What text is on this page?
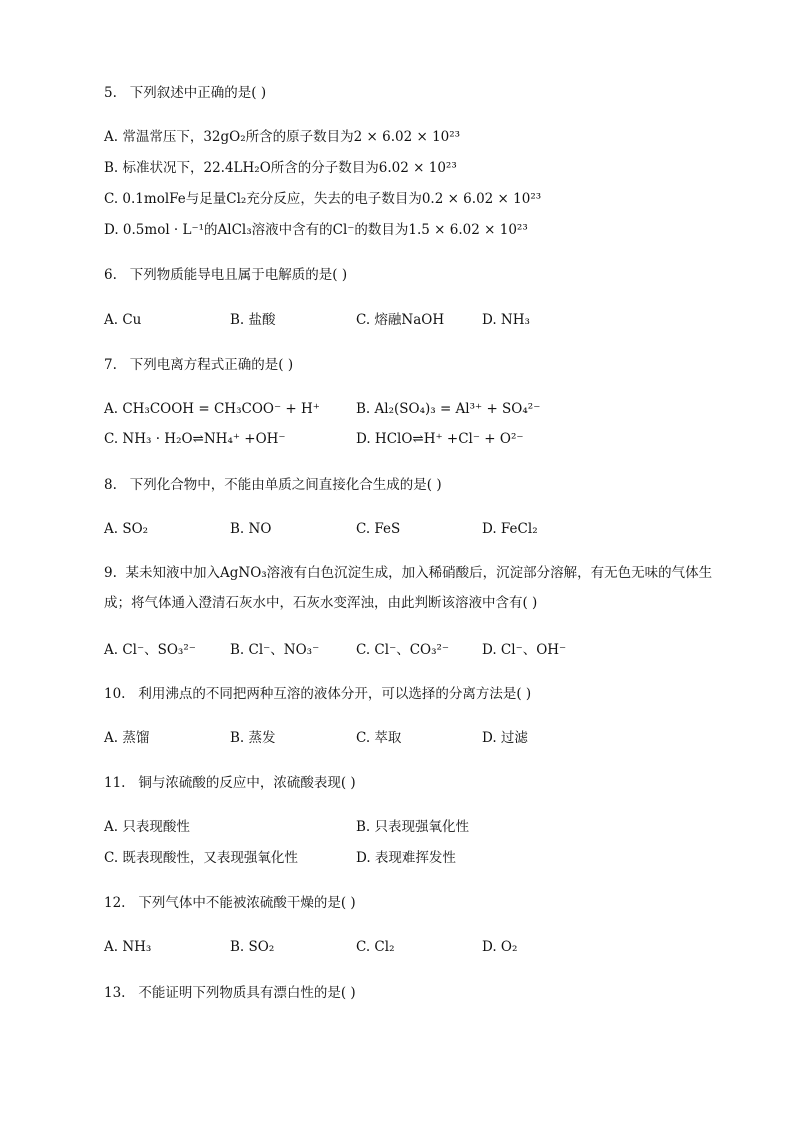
5. 下列叙述中正确的是( )
A. 常温常压下，32gO₂所含的原子数目为2 × 6.02 × 10²³
B. 标准状况下，22.4LH₂O所含的分子数目为6.02 × 10²³
C. 0.1molFe与足量Cl₂充分反应，失去的电子数目为0.2 × 6.02 × 10²³
D. 0.5mol · L⁻¹的AlCl₃溶液中含有的Cl⁻的数目为1.5 × 6.02 × 10²³
6. 下列物质能导电且属于电解质的是( )
A. Cu	B. 盐酸	C. 熔融NaOH	D. NH₃
7. 下列电离方程式正确的是( )
A. CH₃COOH = CH₃COO⁻ + H⁺	B. Al₂(SO₄)₃ = Al³⁺ + SO₄²⁻
C. NH₃ · H₂O⇌NH₄⁺ +OH⁻	D. HClO⇌H⁺ +Cl⁻ + O²⁻
8. 下列化合物中，不能由单质之间直接化合生成的是( )
A. SO₂	B. NO	C. FeS	D. FeCl₂
9. 某未知液中加入AgNO₃溶液有白色沉淀生成，加入稀硝酸后，沉淀部分溶解，有无色无味的气体生成；将气体通入澄清石灰水中，石灰水变浑浊，由此判断该溶液中含有( )
A. Cl⁻、SO₃²⁻	B. Cl⁻、NO₃⁻	C. Cl⁻、CO₃²⁻ D. Cl⁻、OH⁻
10. 利用沸点的不同把两种互溶的液体分开，可以选择的分离方法是( )
A. 蒸馏	B. 蒸发	C. 萃取	D. 过滤
11. 铜与浓硫酸的反应中，浓硫酸表现( )
A. 只表现酸性	B. 只表现强氧化性
C. 既表现酸性，又表现强氧化性	D. 表现难挥发性
12. 下列气体中不能被浓硫酸干燥的是( )
A. NH₃	B. SO₂	C. Cl₂	D. O₂
13. 不能证明下列物质具有漂白性的是( )
